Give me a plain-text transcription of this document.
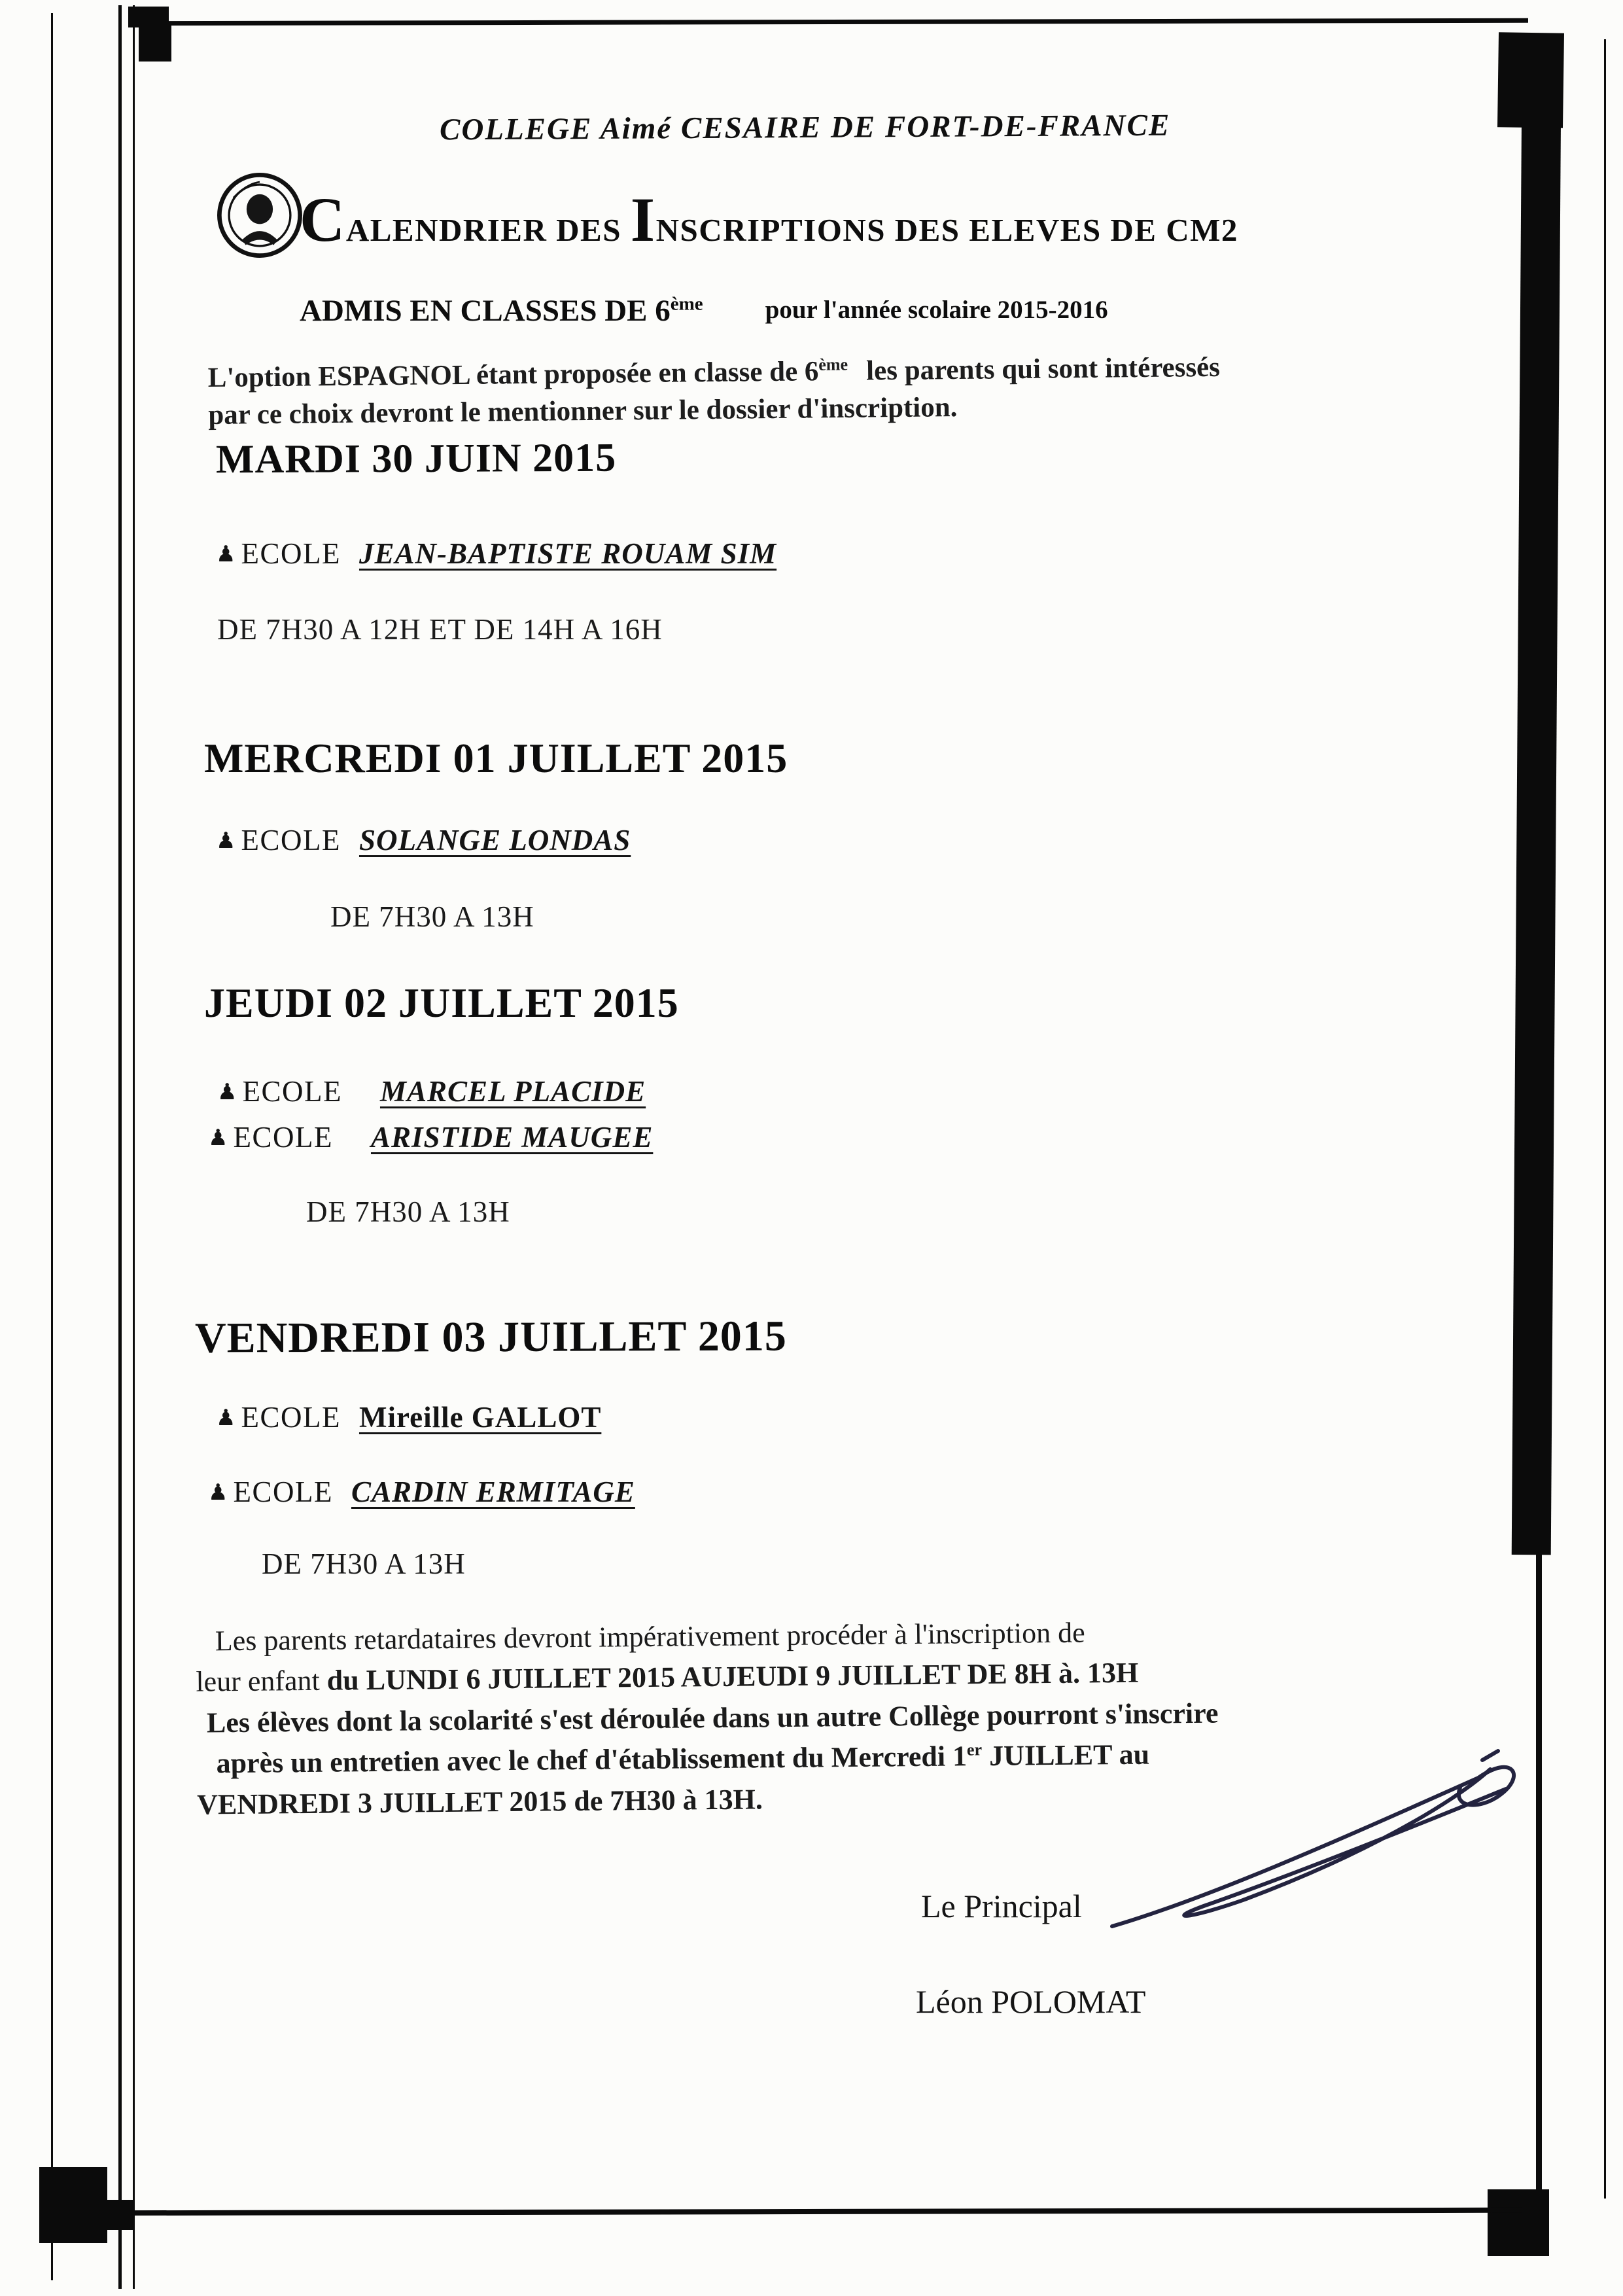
COLLEGE Aimé CESAIRE DE FORT-DE-FRANCE
CALENDRIER DES INSCRIPTIONS DES ELEVES DE CM2
ADMIS EN CLASSES DE 6ème pour l'année scolaire 2015-2016
L'option ESPAGNOL étant proposée en classe de 6ème les parents qui sont intéressés
par ce choix devront le mentionner sur le dossier d'inscription.
MARDI 30 JUIN 2015
♟ ECOLE JEAN-BAPTISTE ROUAM SIM
DE 7H30 A 12H ET DE 14H A 16H
MERCREDI 01 JUILLET 2015
♟ ECOLE SOLANGE LONDAS
DE 7H30 A 13H
JEUDI 02 JUILLET 2015
♟ ECOLE MARCEL PLACIDE
♟ ECOLE ARISTIDE MAUGEE
DE 7H30 A 13H
VENDREDI 03 JUILLET 2015
♟ ECOLE Mireille GALLOT
♟ ECOLE CARDIN ERMITAGE
DE 7H30 A 13H
Les parents retardataires devront impérativement procéder à l'inscription de
leur enfant du LUNDI 6 JUILLET 2015 AUJEUDI 9 JUILLET DE 8H à. 13H
Les élèves dont la scolarité s'est déroulée dans un autre Collège pourront s'inscrire
après un entretien avec le chef d'établissement du Mercredi 1er JUILLET au
VENDREDI 3 JUILLET 2015 de 7H30 à 13H.
Le Principal
Léon POLOMAT
